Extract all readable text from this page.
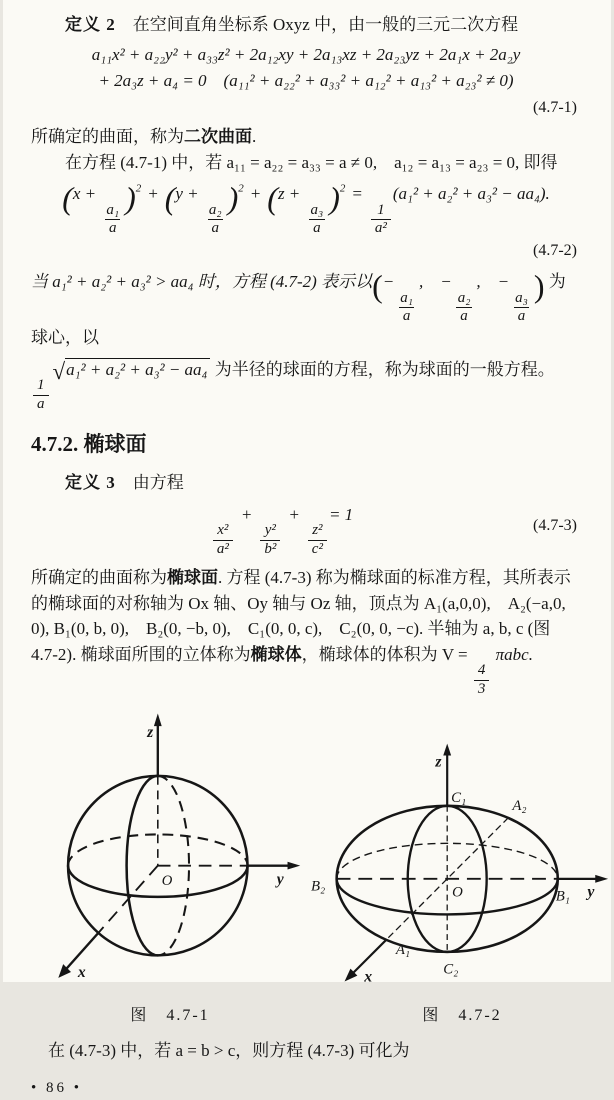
定义 2　在空间直角坐标系 Oxyz 中，由一般的三元二次方程

a₁₁x² + a₂₂y² + a₃₃z² + 2a₁₂xy + 2a₁₃xz + 2a₂₃yz + 2a₁x + 2a₂y
+ 2a₃z + a₄ = 0　(a₁₁² + a₂₂² + a₃₃² + a₁₂² + a₁₃² + a₂₃² ≠ 0)
(4.7-1)

所确定的曲面，称为二次曲面.

在方程 (4.7-1) 中，若 a₁₁ = a₂₂ = a₃₃ = a ≠ 0,　a₁₂ = a₁₃ = a₂₃ = 0, 即得

(x +
$\frac{\text{a₁}}{a}$
)$^2$ + (y +
$\frac{\text{a₂}}{a}$
)$^2$ + (z +
$\frac{\text{a₃}}{a}$
)$^2$ =
$\frac{1}{\text{a²}}$
(a₁² + a₂² + a₃² − aa₄).
(4.7-2)

当 a₁² + a₂² + a₃² > aa₄ 时，方程 (4.7-2) 表示以(−
$\frac{\text{a₁}}{a}$
,　−
$\frac{\text{a₂}}{a}$
,　−
$\frac{\text{a₃}}{a}$
) 为球心，以

$\frac{1}{a}$
√a₁² + a₂² + a₃² − aa₄ 为半径的球面的方程，称为球面的一般方程。

4.7.2. 椭球面

定义 3　由方程

(4.7-3)
$\frac{\text{x²}}{\text{a²}}$
+
$\frac{\text{y²}}{\text{b²}}$
+
$\frac{\text{z²}}{\text{c²}}$
= 1

所确定的曲面称为椭球面. 方程 (4.7-3) 称为椭球面的标准方程，其所表示的椭球面的对称轴为 Ox 轴、Oy 轴与 Oz 轴，顶点为 A₁(a,0,0),　A₂(−a,0, 0), B₁(0, b, 0),　B₂(0, −b, 0),　C₁(0, 0, c),　C₂(0, 0, −c). 半轴为 a, b, c (图 4.7-2). 椭球面所围的立体称为椭球体，椭球体的体积为 V =
$\frac{4}{3}$
πabc.

z
y
x
O
图　4.7-1
z
y
x
O
C₁
C₂
B₂
B₁
A₂
A₁
图　4.7-2

在 (4.7-3) 中，若 a = b > c，则方程 (4.7-3) 可化为

• 86 •
